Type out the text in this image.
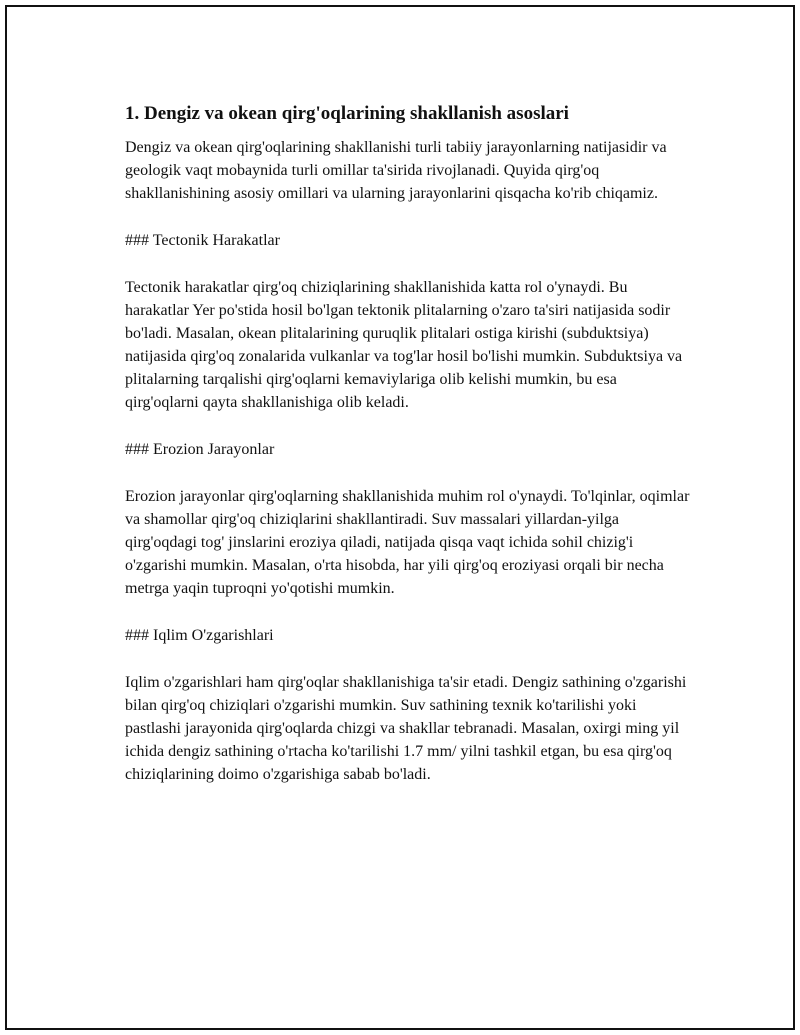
1. Dengiz va okean qirg'oqlarining shakllanish asoslari

Dengiz va okean qirg'oqlarining shakllanishi turli tabiiy jarayonlarning natijasidir va geologik vaqt mobaynida turli omillar ta'sirida rivojlanadi. Quyida qirg'oq shakllanishining asosiy omillari va ularning jarayonlarini qisqacha ko'rib chiqamiz.

### Tectonik Harakatlar

Tectonik harakatlar qirg'oq chiziqlarining shakllanishida katta rol o'ynaydi. Bu harakatlar Yer po'stida hosil bo'lgan tektonik plitalarning o'zaro ta'siri natijasida sodir bo'ladi. Masalan, okean plitalarining quruqlik plitalari ostiga kirishi (subduktsiya) natijasida qirg'oq zonalarida vulkanlar va tog'lar hosil bo'lishi mumkin. Subduktsiya va plitalarning tarqalishi qirg'oqlarni kemaviylariga olib kelishi mumkin, bu esa qirg'oqlarni qayta shakllanishiga olib keladi.

### Erozion Jarayonlar

Erozion jarayonlar qirg'oqlarning shakllanishida muhim rol o'ynaydi. To'lqinlar, oqimlar va shamollar qirg'oq chiziqlarini shakllantiradi. Suv massalari yillardan-yilga qirg'oqdagi tog' jinslarini eroziya qiladi, natijada qisqa vaqt ichida sohil chizig'i o'zgarishi mumkin. Masalan, o'rta hisobda, har yili qirg'oq eroziyasi orqali bir necha metrga yaqin tuproqni yo'qotishi mumkin.

### Iqlim O'zgarishlari

Iqlim o'zgarishlari ham qirg'oqlar shakllanishiga ta'sir etadi. Dengiz sathining o'zgarishi bilan qirg'oq chiziqlari o'zgarishi mumkin. Suv sathining texnik ko'tarilishi yoki pastlashi jarayonida qirg'oqlarda chizgi va shakllar tebranadi. Masalan, oxirgi ming yil ichida dengiz sathining o'rtacha ko'tarilishi 1.7 mm/ yilni tashkil etgan, bu esa qirg'oq chiziqlarining doimo o'zgarishiga sabab bo'ladi.
